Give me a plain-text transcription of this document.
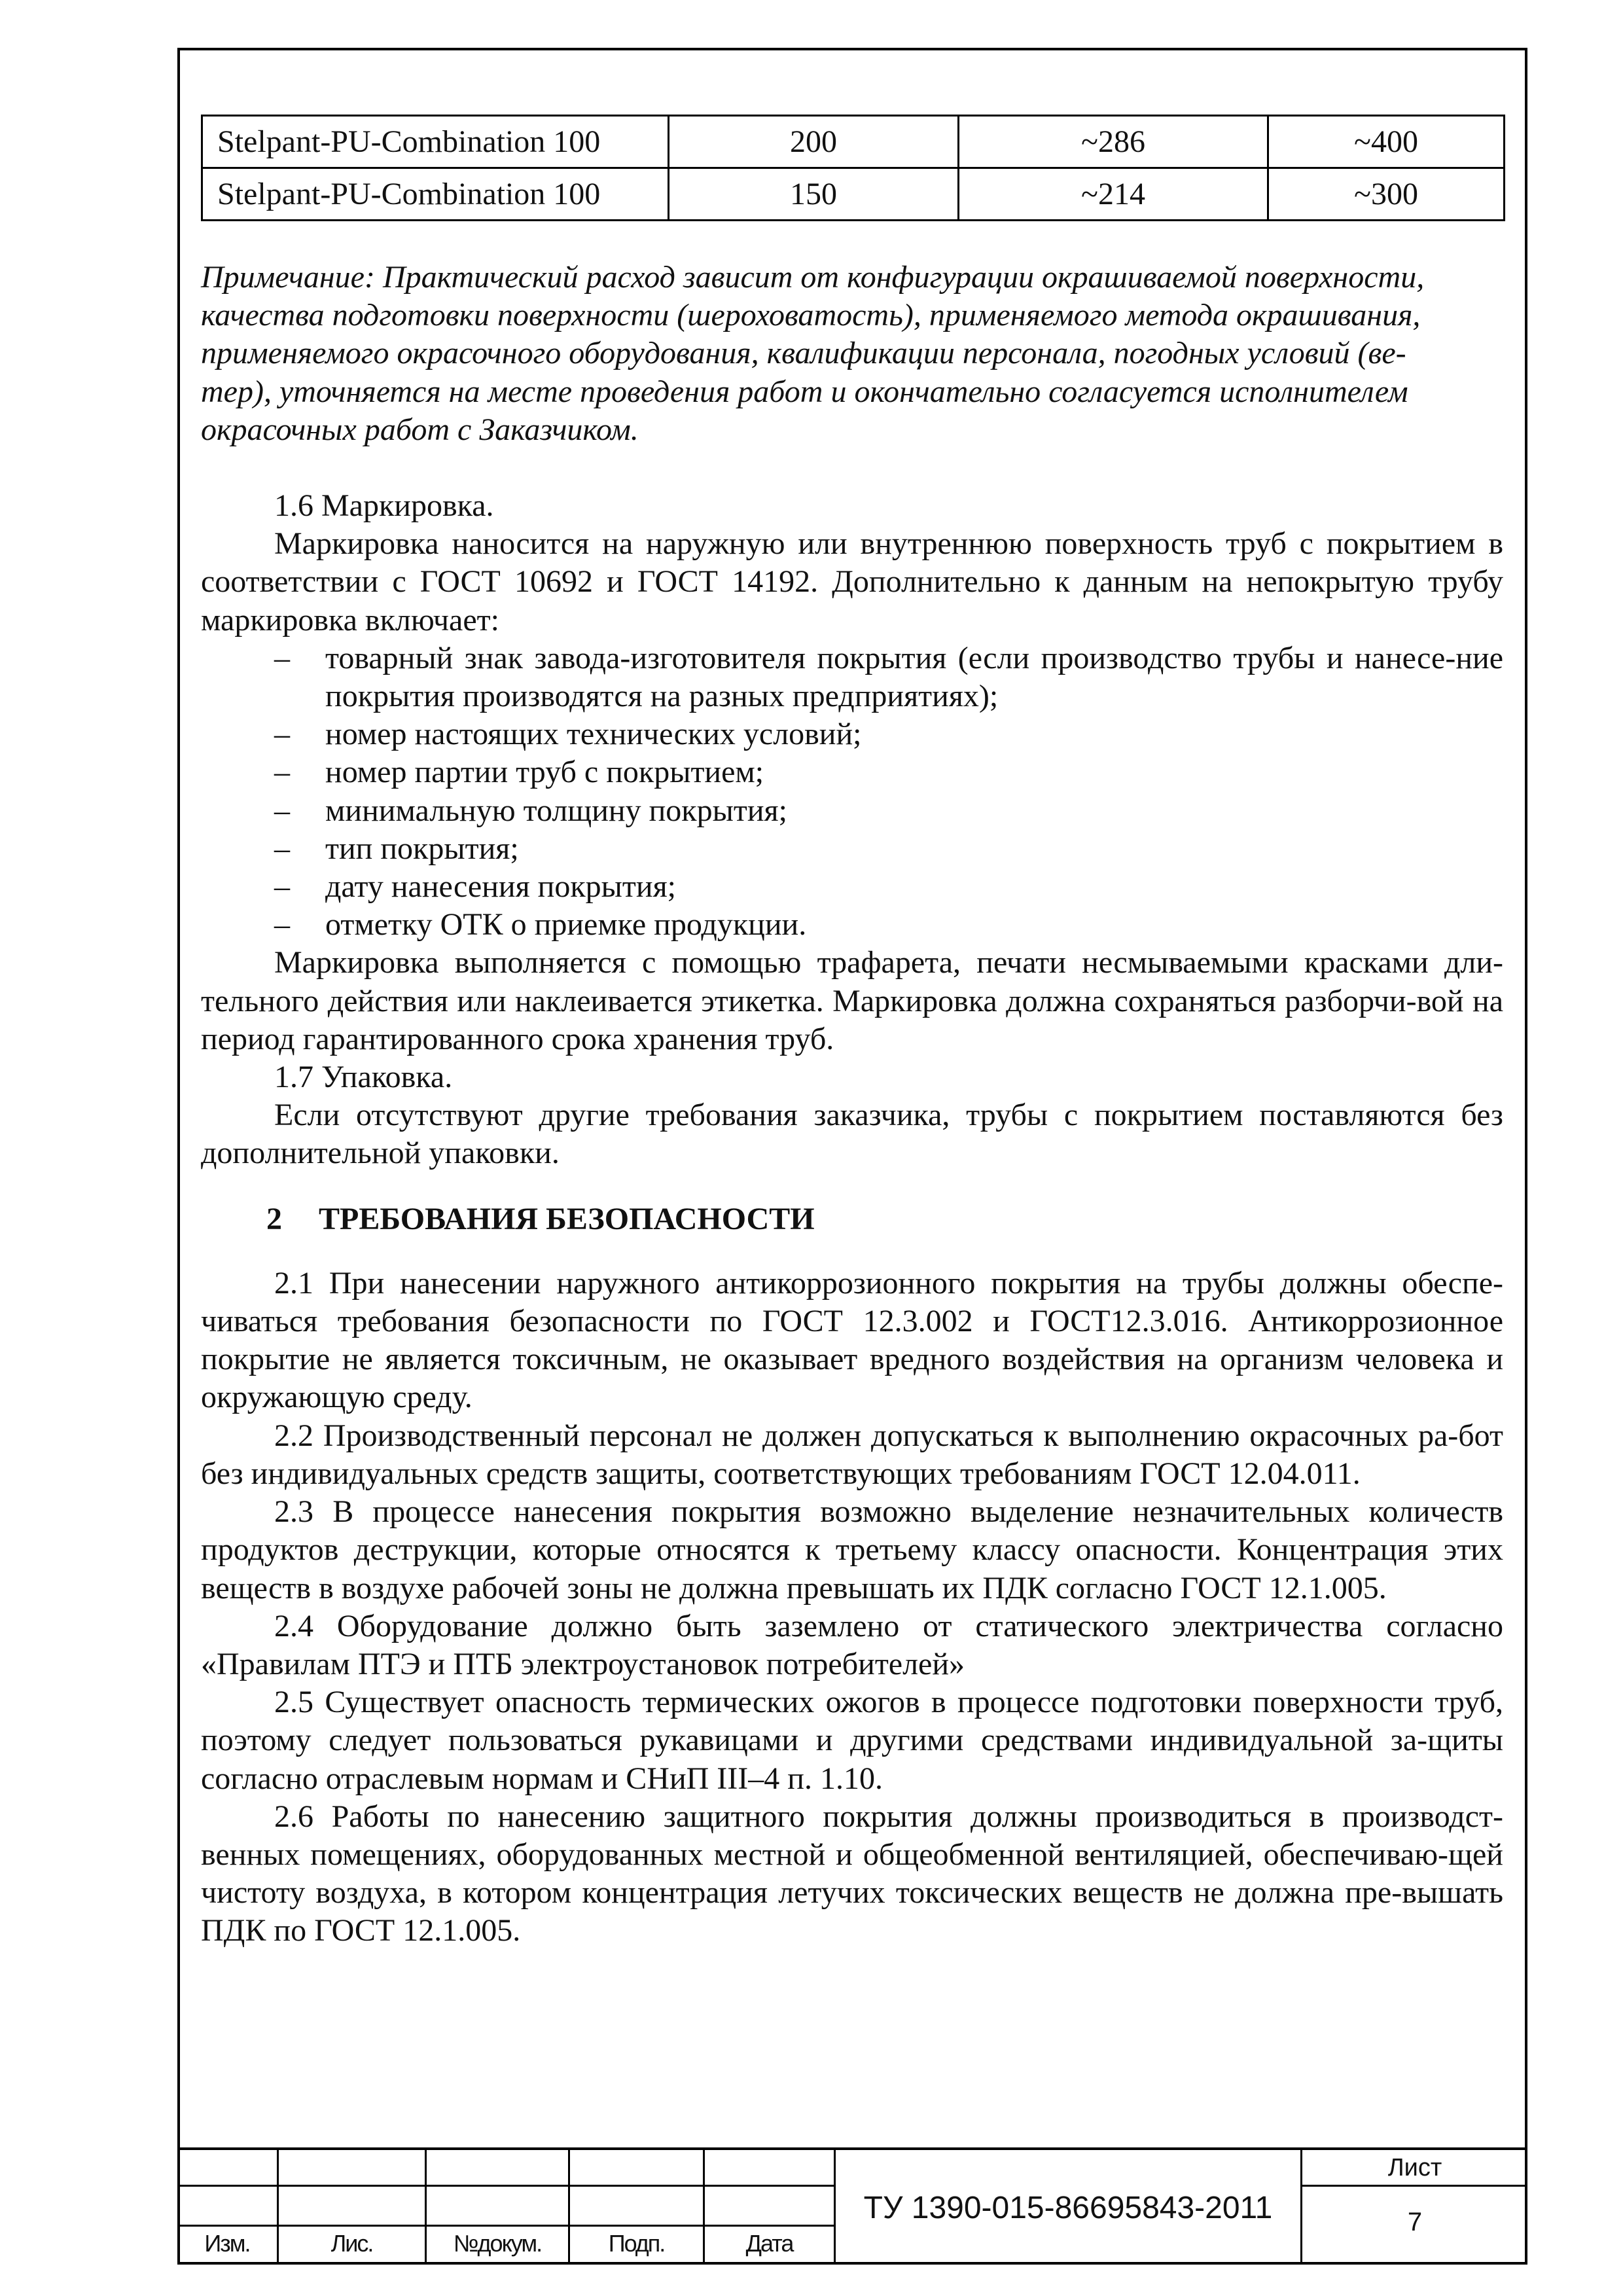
Stelpant-PU-Combination 100	200	~286	~400
Stelpant-PU-Combination 100	150	~214	~300
Примечание: Практический расход зависит от конфигурации окрашиваемой поверхности,
качества подготовки поверхности (шероховатость), применяемого метода окрашивания,
применяемого окрасочного оборудования, квалификации персонала, погодных условий (ве-
тер), уточняется на месте проведения работ и окончательно согласуется исполнителем
окрасочных работ с Заказчиком.
1.6 Маркировка.
Маркировка наносится на наружную или внутреннюю поверхность труб с покрытием в соответствии с ГОСТ 10692 и ГОСТ 14192. Дополнительно к данным на непокрытую трубу маркировка включает:
– товарный знак завода-изготовителя покрытия (если производство трубы и нанесе-ние покрытия производятся на разных предприятиях);
– номер настоящих технических условий;
– номер партии труб с покрытием;
– минимальную толщину покрытия;
– тип покрытия;
– дату нанесения покрытия;
– отметку ОТК о приемке продукции.
Маркировка выполняется с помощью трафарета, печати несмываемыми красками дли-тельного действия или наклеивается этикетка. Маркировка должна сохраняться разборчи-вой на период гарантированного срока хранения труб.
1.7 Упаковка.
Если отсутствуют другие требования заказчика, трубы с покрытием поставляются без дополнительной упаковки.
2 ТРЕБОВАНИЯ БЕЗОПАСНОСТИ
2.1 При нанесении наружного антикоррозионного покрытия на трубы должны обеспе-чиваться требования безопасности по ГОСТ 12.3.002 и ГОСТ12.3.016. Антикоррозионное покрытие не является токсичным, не оказывает вредного воздействия на организм человека и окружающую среду.
2.2 Производственный персонал не должен допускаться к выполнению окрасочных ра-бот без индивидуальных средств защиты, соответствующих требованиям ГОСТ 12.04.011.
2.3 В процессе нанесения покрытия возможно выделение незначительных количеств продуктов деструкции, которые относятся к третьему классу опасности. Концентрация этих веществ в воздухе рабочей зоны не должна превышать их ПДК согласно ГОСТ 12.1.005.
2.4 Оборудование должно быть заземлено от статического электричества согласно «Правилам ПТЭ и ПТБ электроустановок потребителей»
2.5 Существует опасность термических ожогов в процессе подготовки поверхности труб, поэтому следует пользоваться рукавицами и другими средствами индивидуальной за-щиты согласно отраслевым нормам и СНиП III–4 п. 1.10.
2.6 Работы по нанесению защитного покрытия должны производиться в производст-венных помещениях, оборудованных местной и общеобменной вентиляцией, обеспечиваю-щей чистоту воздуха, в котором концентрация летучих токсических веществ не должна пре-вышать ПДК по ГОСТ 12.1.005.
Изм.	Лис.	№докум.	Подп.	Дата
ТУ 1390-015-86695843-2011
Лист
7
